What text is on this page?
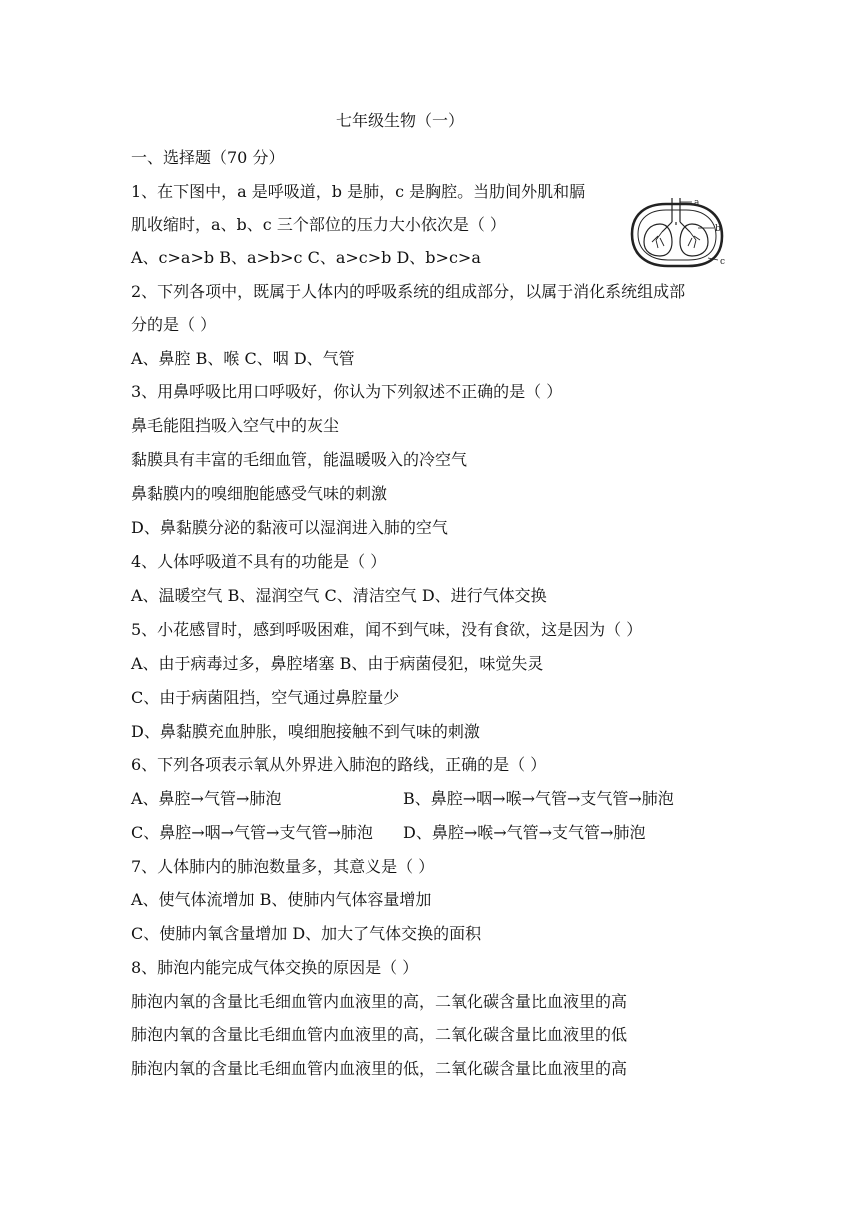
七年级生物（一）
一、选择题（70 分）
1、在下图中，a 是呼吸道，b 是肺，c 是胸腔。当肋间外肌和膈
肌收缩时，a、b、c 三个部位的压力大小依次是（ ）
A、c>a>b B、a>b>c C、a>c>b D、b>c>a
a
b
c
2、下列各项中，既属于人体内的呼吸系统的组成部分，以属于消化系统组成部
分的是（ ）
A、鼻腔 B、喉 C、咽 D、气管
3、用鼻呼吸比用口呼吸好，你认为下列叙述不正确的是（ ）
鼻毛能阻挡吸入空气中的灰尘
黏膜具有丰富的毛细血管，能温暖吸入的冷空气
鼻黏膜内的嗅细胞能感受气味的刺激
D、鼻黏膜分泌的黏液可以湿润进入肺的空气
4、人体呼吸道不具有的功能是（ ）
A、温暖空气 B、湿润空气 C、清洁空气 D、进行气体交换
5、小花感冒时，感到呼吸困难，闻不到气味，没有食欲，这是因为（ ）
A、由于病毒过多，鼻腔堵塞 B、由于病菌侵犯，味觉失灵
C、由于病菌阻挡，空气通过鼻腔量少
D、鼻黏膜充血肿胀，嗅细胞接触不到气味的刺激
6、下列各项表示氧从外界进入肺泡的路线，正确的是（ ）
A、鼻腔→气管→肺泡	B、鼻腔→咽→喉→气管→支气管→肺泡
C、鼻腔→咽→气管→支气管→肺泡 D、鼻腔→喉→气管→支气管→肺泡
7、人体肺内的肺泡数量多，其意义是（ ）
A、使气体流增加 B、使肺内气体容量增加
C、使肺内氧含量增加 D、加大了气体交换的面积
8、肺泡内能完成气体交换的原因是（ ）
肺泡内氧的含量比毛细血管内血液里的高，二氧化碳含量比血液里的高
肺泡内氧的含量比毛细血管内血液里的高，二氧化碳含量比血液里的低
肺泡内氧的含量比毛细血管内血液里的低，二氧化碳含量比血液里的高
